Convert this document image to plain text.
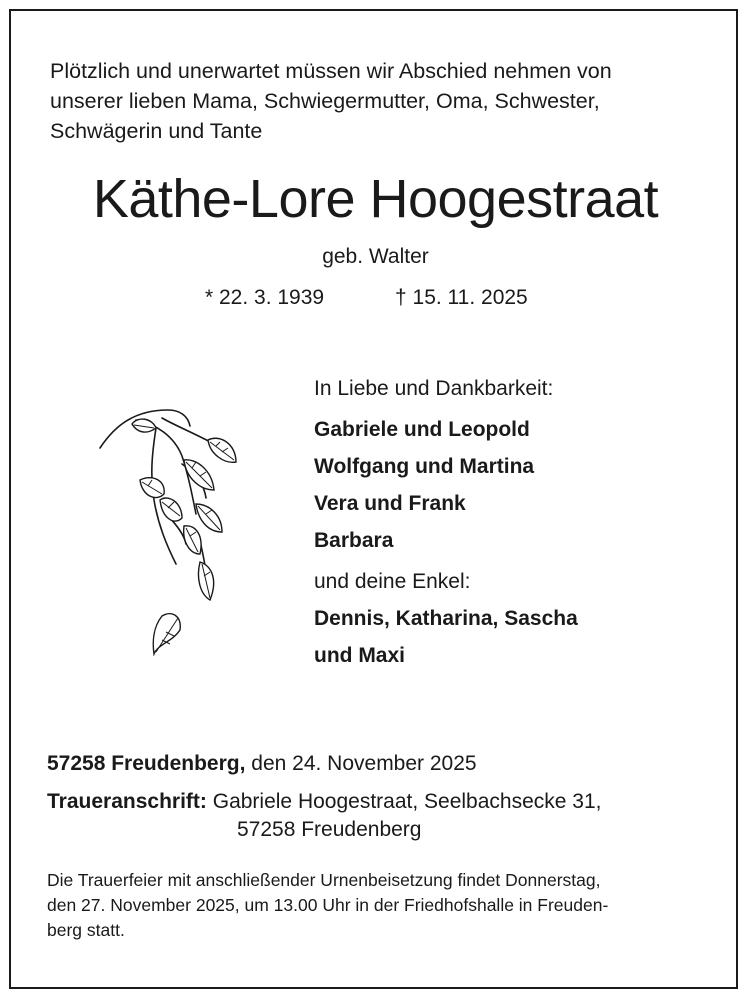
Plötzlich und unerwartet müssen wir Abschied nehmen von
unserer lieben Mama, Schwiegermutter, Oma, Schwester,
Schwägerin und Tante
Käthe-Lore Hoogestraat
geb. Walter
* 22. 3. 1939	† 15. 11. 2025
In Liebe und Dankbarkeit:
Gabriele und Leopold
Wolfgang und Martina
Vera und Frank
Barbara
und deine Enkel:
Dennis, Katharina, Sascha
und Maxi
57258 Freudenberg, den 24. November 2025
Traueranschrift: Gabriele Hoogestraat, Seelbachsecke 31,
57258 Freudenberg
Die Trauerfeier mit anschließender Urnenbeisetzung findet Donnerstag,
den 27. November 2025, um 13.00 Uhr in der Friedhofshalle in Freuden-
berg statt.
